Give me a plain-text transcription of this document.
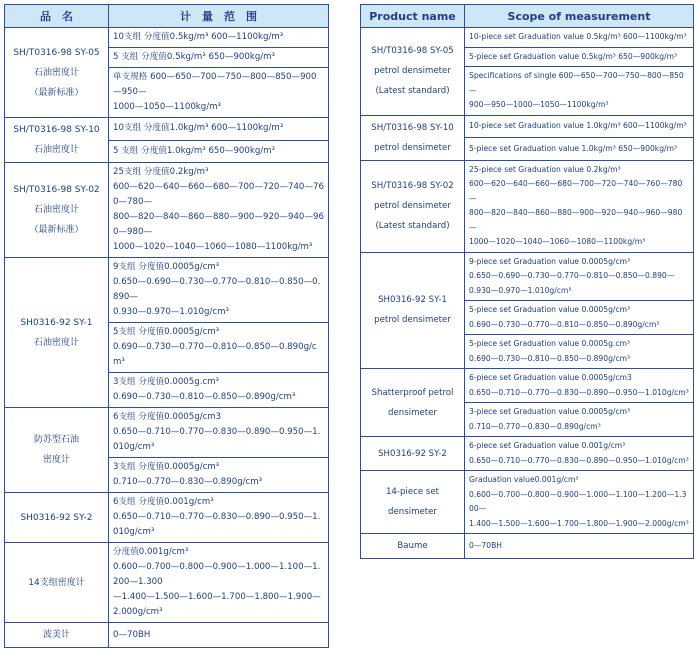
品　名	计　量　范　围

SH/T0316-98 SY-05
石油密度计
（最新标准）	10支组 分度值0.5kg/m³ 600—1100kg/m³

	5 支组 分度值0.5kg/m³ 650—900kg/m³

	单支规格 600—650—700—750—800—850—900—950—
1000—1050—1100kg/m³

SH/T0316-98 SY-10
石油密度计	10支组 分度值1.0kg/m³ 600—1100kg/m³

	5 支组 分度值1.0kg/m³ 650—900kg/m³

SH/T0316-98 SY-02
石油密度计
（最新标准）	25支组 分度值0.2kg/m³
600—620—640—660—680—700—720—740—760—780—
800—820—840—860—880—900—920—940—960—980—
1000—1020—1040—1060—1080—1100kg/m³

SH0316-92 SY-1
石油密度计	9支组 分度值0.0005g/cm³
0.650—0.690—0.730—0.770—0.810—0.850—0.890—
0.930—0.970—1.010g/cm³

	5支组 分度值0.0005g/cm³
0.690—0.730—0.770—0.810—0.850—0.890g/cm³

	3支组 分度值0.0005g.cm³
0.690—0.730—0.810—0.850—0.890g/cm³

防苏型石油
密度计	6支组 分度值0.0005g/cm3
0.650—0.710—0.770—0.830—0.890—0.950—1.010g/cm³

	3支组 分度值0.0005g/cm³
0.710—0.770—0.830—0.890g/cm³

SH0316-92 SY-2	6支组 分度值0.001g/cm³
0.650—0.710—0.770—0.830—0.890—0.950—1.010g/cm³

14支组密度计	分度值0.001g/cm³
0.600—0.700—0.800—0.900—1.000—1.100—1.200—1.300
—1.400—1.500—1.600—1.700—1.800—1.900—2.000g/cm³

波美计	0—70BH
Product name	Scope of measurement

SH/T0316-98 SY-05
petrol densimeter
(Latest standard)	10-piece set Graduation value 0.5kg/m³ 600—1100kg/m³

	5-piece set Graduation value 0.5kg/m³ 650—900kg/m³

	Specifications of single 600—650—700—750—800—850—
900—950—1000—1050—1100kg/m³

SH/T0316-98 SY-10
petrol densimeter	10-piece set Graduation value 1.0kg/m³ 600—1100kg/m³

	5-piece set Graduation value 1.0kg/m³ 650—900kg/m³

SH/T0316-98 SY-02
petrol densimeter
(Latest standard)	25-piece set Graduation value 0.2kg/m³
600—620—640—660—680—700—720—740—760—780—
800—820—840—860—880—900—920—940—960—980—
1000—1020—1040—1060—1080—1100kg/m³

SH0316-92 SY-1
petrol densimeter	9-piece set Graduation value 0.0005g/cm³
0.650—0.690—0.730—0.770—0.810—0.850—0.890—
0.930—0.970—1.010g/cm³

	5-piece set Graduation value 0.0005g/cm³
0.690—0.730—0.770—0.810—0.850—0.890g/cm³

	5-piece set Graduation value 0.0005g.cm³
0.690—0.730—0.810—0.850—0.890g/cm³

Shatterproof petrol
densimeter	6-piece set Graduation value 0.0005g/cm3
0.650—0.710—0.770—0.830—0.890—0.950—1.010g/cm³

	3-piece set Graduation value 0.0005g/cm³
0.710—0.770—0.830—0.890g/cm³

SH0316-92 SY-2	6-piece set Graduation value 0.001g/cm³
0.650—0.710—0.770—0.830—0.890—0.950—1.010g/cm³

14-piece set
densimeter	Graduation value0.001g/cm³
0.600—0.700—0.800—0.900—1.000—1.100—1.200—1.300—
1.400—1.500—1.600—1.700—1.800—1.900—2.000g/cm³

Baume	0—70BH
